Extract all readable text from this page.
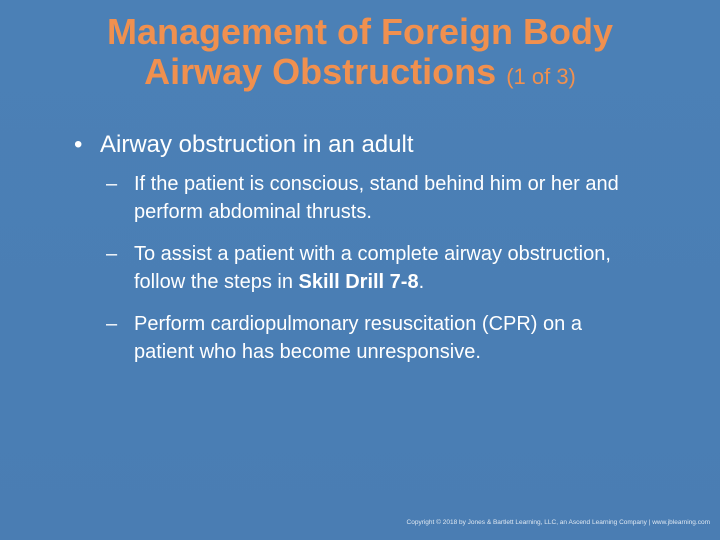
Management of Foreign Body
Airway Obstructions (1 of 3)
• Airway obstruction in an adult
– If the patient is conscious, stand behind him or her and perform abdominal thrusts.
– To assist a patient with a complete airway obstruction, follow the steps in Skill Drill 7-8.
– Perform cardiopulmonary resuscitation (CPR) on a patient who has become unresponsive.
Copyright © 2018 by Jones & Bartlett Learning, LLC, an Ascend Learning Company | www.jblearning.com
